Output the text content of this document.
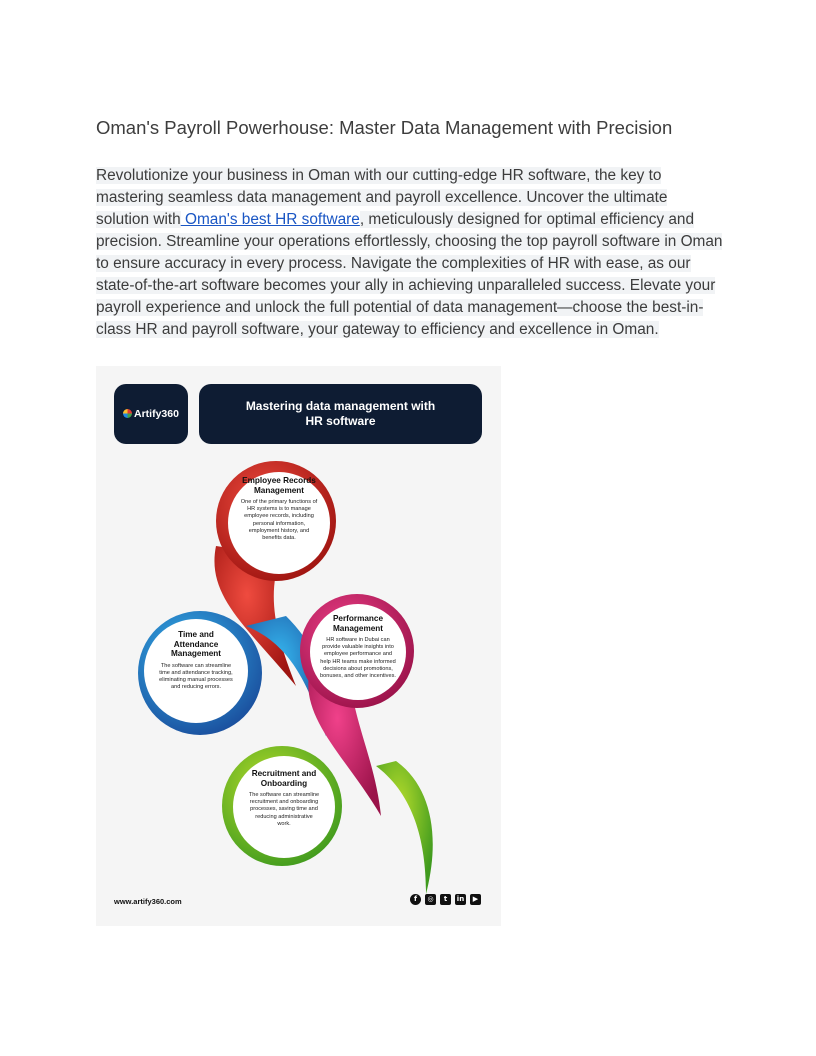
Oman's Payroll Powerhouse: Master Data Management with Precision

Revolutionize your business in Oman with our cutting-edge HR software, the key to mastering seamless data management and payroll excellence. Uncover the ultimate solution with Oman's best HR software, meticulously designed for optimal efficiency and precision. Streamline your operations effortlessly, choosing the top payroll software in Oman to ensure accuracy in every process. Navigate the complexities of HR with ease, as our state-of-the-art software becomes your ally in achieving unparalleled success. Elevate your payroll experience and unlock the full potential of data management—choose the best-in-class HR and payroll software, your gateway to efficiency and excellence in Oman.

Artify360
Mastering data management with HR software
Employee Records Management
One of the primary functions of HR systems is to manage employee records, including personal information, employment history, and benefits data.
Time and Attendance Management
The software can streamline time and attendance tracking, eliminating manual processes and reducing errors.
Performance Management
HR software in Dubai can provide valuable insights into employee performance and help HR teams make informed decisions about promotions, bonuses, and other incentives.
Recruitment and Onboarding
The software can streamline recruitment and onboarding processes, saving time and reducing administrative work.
www.artify360.com	f	◎	t	in	▶
